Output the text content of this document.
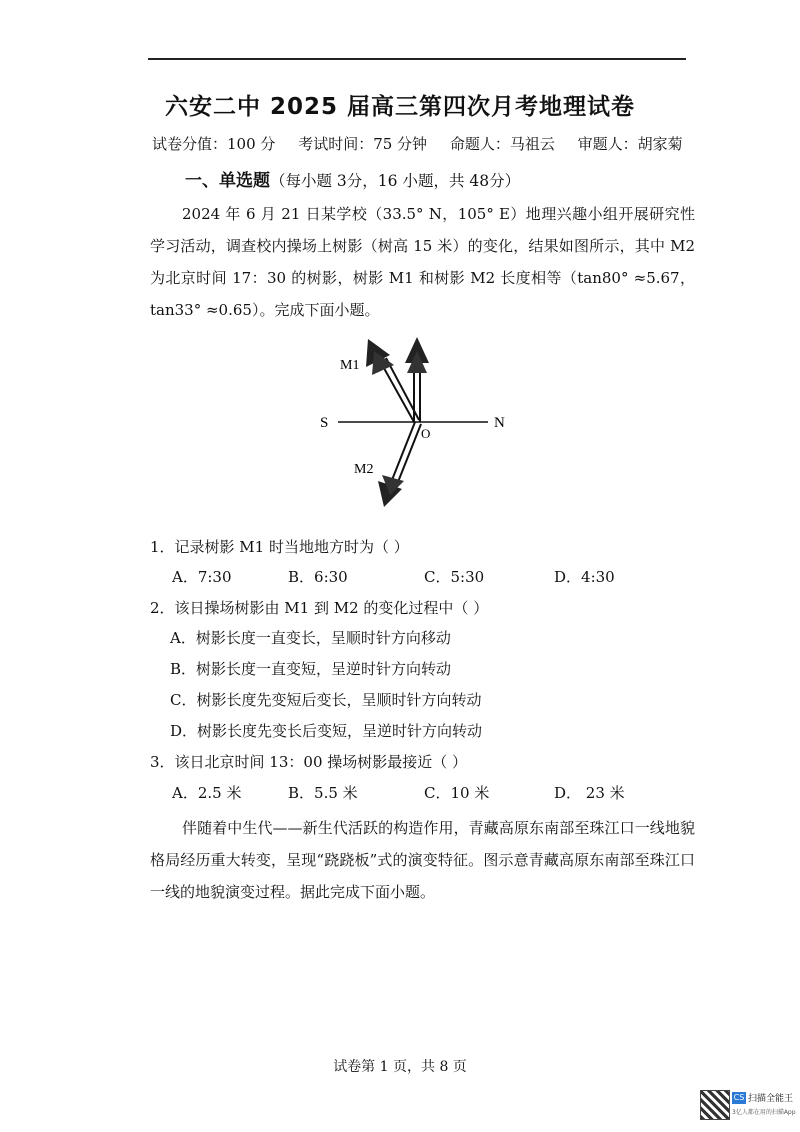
六安二中 2025 届高三第四次月考地理试卷
试卷分值：100 分 考试时间：75 分钟 命题人：马祖云 审题人：胡家菊
一、单选题（每小题 3分，16 小题，共 48分）
2024 年 6 月 21 日某学校（33.5° N，105° E）地理兴趣小组开展研究性学习活动，调查校内操场上树影（树高 15 米）的变化，结果如图所示，其中 M2 为北京时间 17：30 的树影，树影 M1 和树影 M2 长度相等（tan80° ≈5.67，tan33° ≈0.65）。完成下面小题。
S	N
O
M1
M2
1．记录树影 M1 时当地地方时为（ ）
A．7:30	B．6:30	C．5:30	D．4:30
2．该日操场树影由 M1 到 M2 的变化过程中（ ）
A．树影长度一直变长，呈顺时针方向移动
B．树影长度一直变短，呈逆时针方向转动
C．树影长度先变短后变长，呈顺时针方向转动
D．树影长度先变长后变短，呈逆时针方向转动
3．该日北京时间 13：00 操场树影最接近（ ）
A．2.5 米	B．5.5 米	C．10 米	D． 23 米
伴随着中生代——新生代活跃的构造作用，青藏高原东南部至珠江口一线地貌格局经历重大转变，呈现“跷跷板”式的演变特征。图示意青藏高原东南部至珠江口一线的地貌演变过程。据此完成下面小题。
试卷第 1 页，共 8 页
CS 扫描全能王
3亿人都在用的扫描App
